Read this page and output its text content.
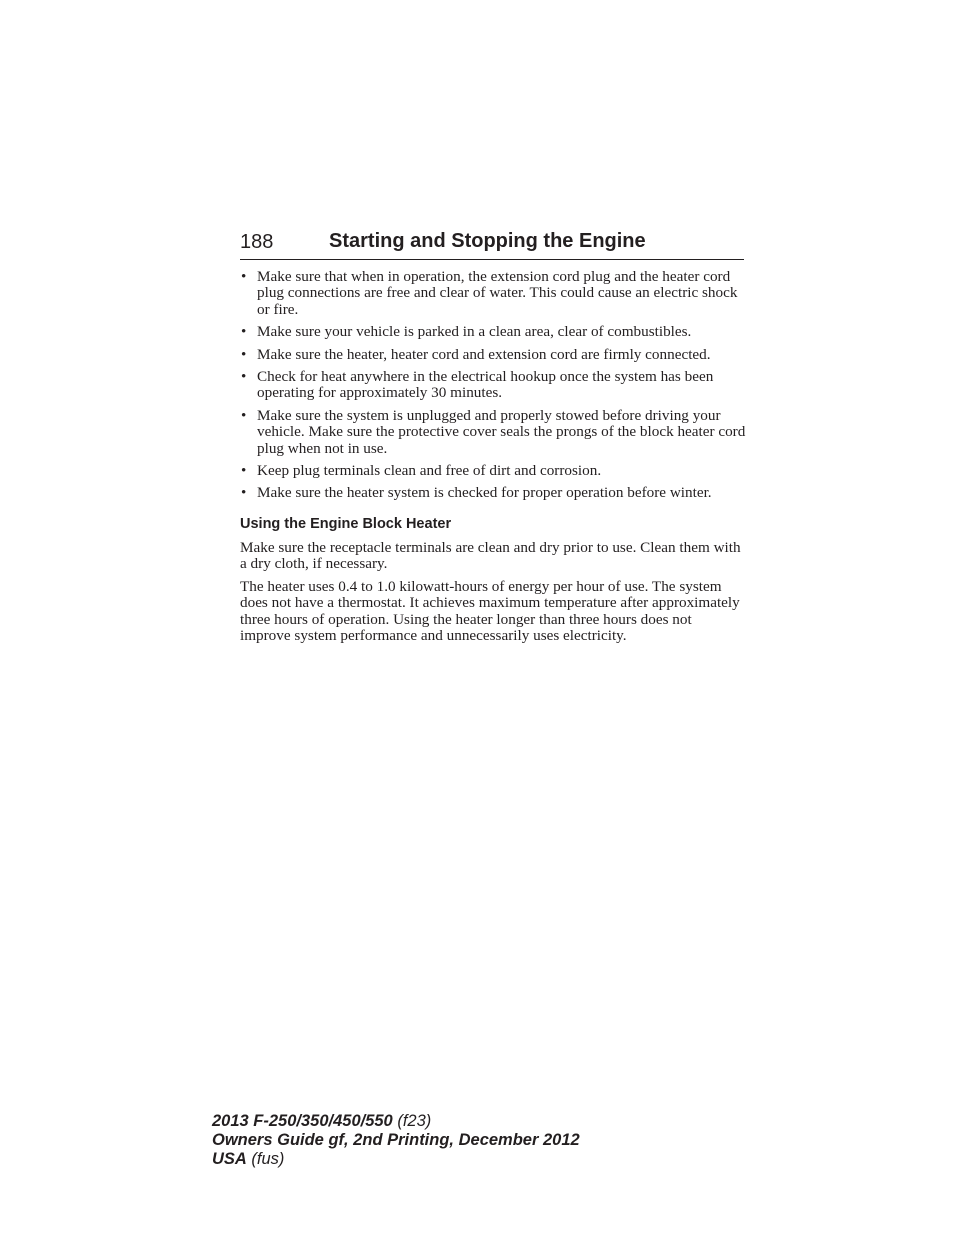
188	Starting and Stopping the Engine
• Make sure that when in operation, the extension cord plug and the heater cord plug connections are free and clear of water. This could cause an electric shock or fire.
• Make sure your vehicle is parked in a clean area, clear of combustibles.
• Make sure the heater, heater cord and extension cord are firmly connected.
• Check for heat anywhere in the electrical hookup once the system has been operating for approximately 30 minutes.
• Make sure the system is unplugged and properly stowed before driving your vehicle. Make sure the protective cover seals the prongs of the block heater cord plug when not in use.
• Keep plug terminals clean and free of dirt and corrosion.
• Make sure the heater system is checked for proper operation before winter.
Using the Engine Block Heater

Make sure the receptacle terminals are clean and dry prior to use. Clean them with a dry cloth, if necessary.

The heater uses 0.4 to 1.0 kilowatt-hours of energy per hour of use. The system does not have a thermostat. It achieves maximum temperature after approximately three hours of operation. Using the heater longer than three hours does not improve system performance and unnecessarily uses electricity.

2013 F-250/350/450/550 (f23)
Owners Guide gf, 2nd Printing, December 2012
USA (fus)
